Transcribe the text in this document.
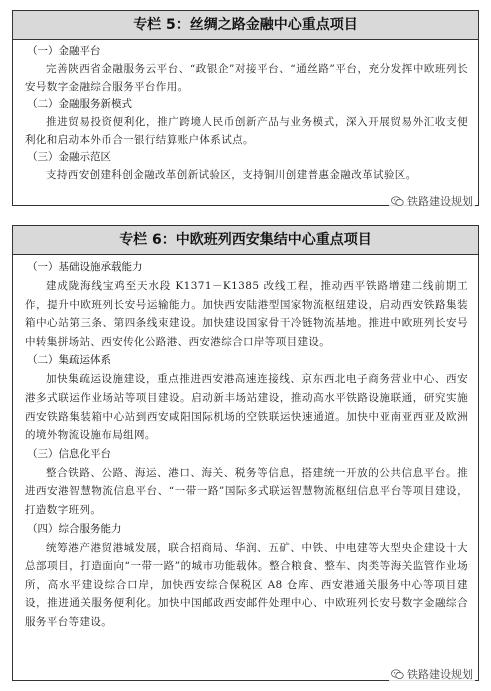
专栏 5：丝绸之路金融中心重点项目

（一）金融平台

完善陕西省金融服务云平台、“政银企”对接平台、“通丝路”平台，充分发挥中欧班列长安号数字金融综合服务平台作用。

（二）金融服务新模式

推进贸易投资便利化，推广跨境人民币创新产品与业务模式，深入开展贸易外汇收支便利化和启动本外币合一银行结算账户体系试点。

（三）金融示范区

支持西安创建科创金融改革创新试验区，支持铜川创建普惠金融改革试验区。

铁路建设规划
专栏 6：中欧班列西安集结中心重点项目

（一）基础设施承载能力

建成陇海线宝鸡至天水段 K1371－K1385 改线工程，推动西平铁路增建二线前期工作，提升中欧班列长安号运输能力。加快西安陆港型国家物流枢纽建设，启动西安铁路集装箱中心站第三条、第四条线束建设。加快建设国家骨干冷链物流基地。推进中欧班列长安号中转集拼场站、西安传化公路港、西安港综合口岸等项目建设。

（二）集疏运体系

加快集疏运设施建设，重点推进西安港高速连接线、京东西北电子商务营业中心、西安港多式联运作业场站等项目建设。启动新丰场站建设，推动高水平铁路设施联通，研究实施西安铁路集装箱中心站到西安咸阳国际机场的空铁联运快速通道。加快中亚南亚西亚及欧洲的境外物流设施布局组网。

（三）信息化平台

整合铁路、公路、海运、港口、海关、税务等信息，搭建统一开放的公共信息平台。推进西安港智慧物流信息平台、“一带一路”国际多式联运智慧物流枢纽信息平台等项目建设，打造数字班列。

（四）综合服务能力

统筹港产港贸港城发展，联合招商局、华润、五矿、中铁、中电建等大型央企建设十大总部项目，打造面向“一带一路”的城市功能载体。整合粮食、整车、肉类等海关监管作业场所，高水平建设综合口岸，加快西安综合保税区 A8 仓库、西安港通关服务中心等项目建设，推进通关服务便利化。加快中国邮政西安邮件处理中心、中欧班列长安号数字金融综合服务平台等建设。

铁路建设规划
